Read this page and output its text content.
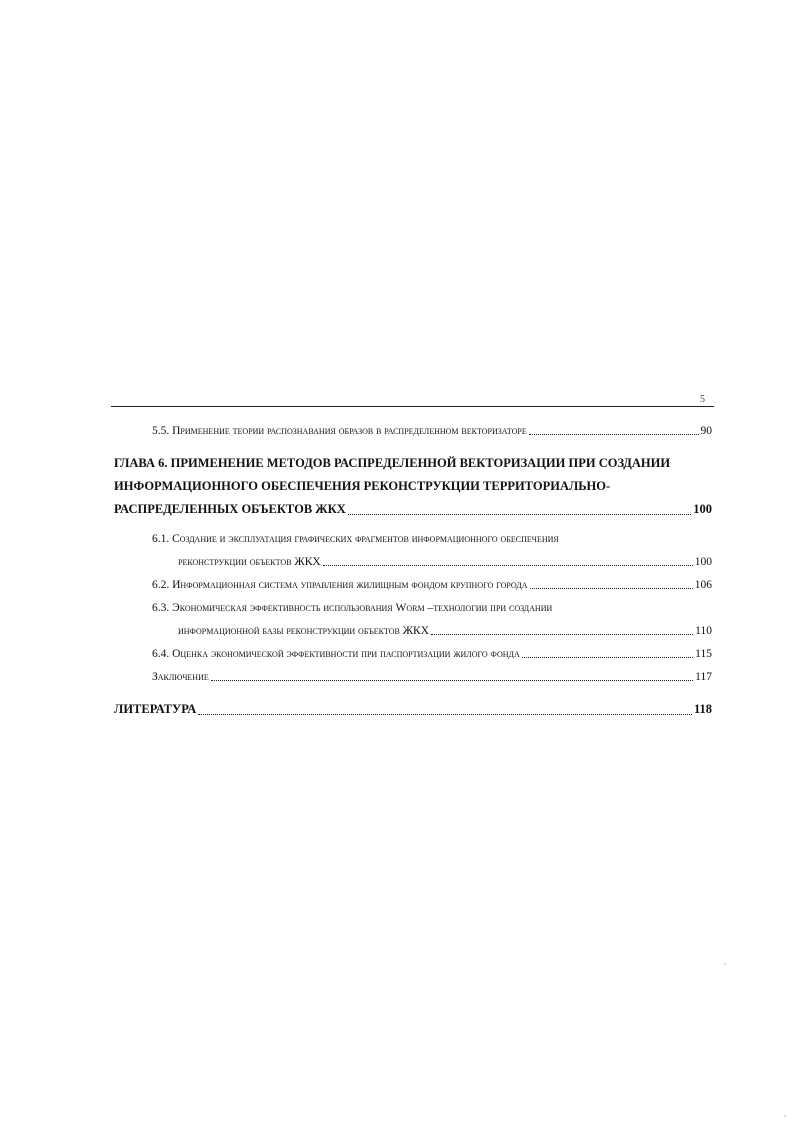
5
5.5. Применение теории распознавания образов в распределенном векторизаторе	90
ГЛАВА 6. ПРИМЕНЕНИЕ МЕТОДОВ РАСПРЕДЕЛЕННОЙ ВЕКТОРИЗАЦИИ ПРИ СОЗДАНИИ
ИНФОРМАЦИОННОГО ОБЕСПЕЧЕНИЯ РЕКОНСТРУКЦИИ ТЕРРИТОРИАЛЬНО-
РАСПРЕДЕЛЕННЫХ ОБЪЕКТОВ ЖКХ	100
6.1. Создание и эксплуатация графических фрагментов информационного обеспечения
реконструкции объектов ЖКХ	100
6.2. Информационная система управления жилищным фондом крупного города	106
6.3. Экономическая эффективность использования Worm –технологии при создании
информационной базы реконструкции объектов ЖКХ	110
6.4. Оценка экономической эффективности при паспортизации жилого фонда	115
Заключение	117
ЛИТЕРАТУРА	118
